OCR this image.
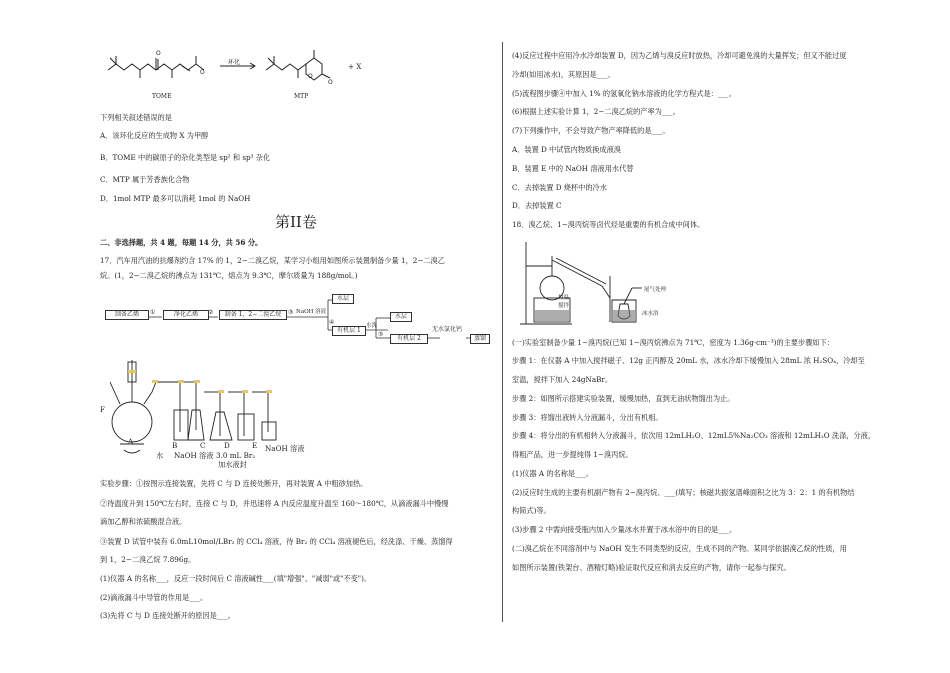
O
O
O
O
环化	+ X
TOME	MTP
下列相关叙述错误的是
A．该环化反应的生成物 X 为甲醇
B．TOME 中的碳原子的杂化类型是 sp² 和 sp³ 杂化
C．MTP 属于芳香族化合物
D．1mol MTP 最多可以消耗 1mol 的 NaOH
第II卷
二、非选择题，共 4 题，每题 14 分，共 56 分。
17．汽车用汽油的抗爆剂约含 17% 的 1，2−二溴乙烷，某学习小组用如图所示装置制备少量 1，2−二溴乙
烷。(1，2−二溴乙烷的沸点为 131℃，熔点为 9.3℃，摩尔质量为 188g/mol。)
制备乙烯	①	净化乙烯	②	制备 1，2−二溴乙烷	③ NaOH 溶液
水层
④
有机层 1
水洗
水层
⑤
有机层 2
无水氯化钙
蒸馏
F
A	B	C	D	E
水 NaOH 溶液
NaOH 溶液
3.0 mL Br₂
加水液封
实验步骤：①按图示连接装置，先将 C 与 D 连接处断开，再对装置 A 中粗砂加热。
②待温度升到 150℃左右时，连接 C 与 D，并迅速将 A 内反应温度升温至 160～180℃，从滴液漏斗中慢慢
滴加乙醇和浓硫酸混合液。
③装置 D 试管中装有 6.0mL10mol/LBr₂ 的 CCl₄ 溶液，待 Br₂ 的 CCl₄ 溶液褪色后，经洗涤、干燥、蒸馏得
到 1，2−二溴乙烷 7.896g。
(1)仪器 A 的名称___，反应一段时间后 C 溶液碱性___(填"增强"、"减弱"或"不变")。
(2)滴液漏斗中导管的作用是___。
(3)先将 C 与 D 连接处断开的原因是___。
(4)反应过程中应用冷水冷却装置 D，因为乙烯与溴反应时放热，冷却可避免溴的大量挥发；但又不能过度
冷却(如用冰水)，其原因是___。
(5)流程图步骤④中加入 1% 的氢氧化钠水溶液的化学方程式是：___。
(6)根据上述实验计算 1，2−二溴乙烷的产率为___。
(7)下列操作中，不会导致产物产率降低的是___。
A．装置 D 中试管内物质换成液溴
B．装置 E 中的 NaOH 溶液用水代替
C．去掉装置 D 烧杯中的冷水
D．去掉装置 C
18．溴乙烷、1−溴丙烷等卤代烃是重要的有机合成中间体。
控温
搅拌
尾气处理
冰水浴
(一)实验室制备少量 1−溴丙烷(已知 1−溴丙烷沸点为 71℃，密度为 1.36g·cm⁻³)的主要步骤如下：
步骤 1：在仪器 A 中加入搅拌磁子、12g 正丙醇及 20mL 水，冰水冷却下缓慢加入 28mL 浓 H₂SO₄，冷却至
室温，搅拌下加入 24gNaBr。
步骤 2：如图所示搭建实验装置，缓慢加热，直到无油状物馏出为止。
步骤 3：将馏出液转入分液漏斗，分出有机相。
步骤 4：将分出的有机相转入分液漏斗，依次用 12mLH₂O、12mL5%Na₂CO₃ 溶液和 12mLH₂O 洗涤，分液，
得粗产品，进一步提纯得 1−溴丙烷。
(1)仪器 A 的名称是___。
(2)反应时生成的主要有机副产物有 2−溴丙烷、___(填写；核磁共振氢谱峰面积之比为 3：2：1 的有机物结
构简式)等。
(3)步骤 2 中需向接受瓶内加入少量冰水并置于冰水浴中的目的是___。
(二)溴乙烷在不同溶剂中与 NaOH 发生不同类型的反应，生成不同的产物。某同学依据溴乙烷的性质，用
如图所示装置(铁架台、酒精灯略)验证取代反应和消去反应的产物，请你一起参与探究。
